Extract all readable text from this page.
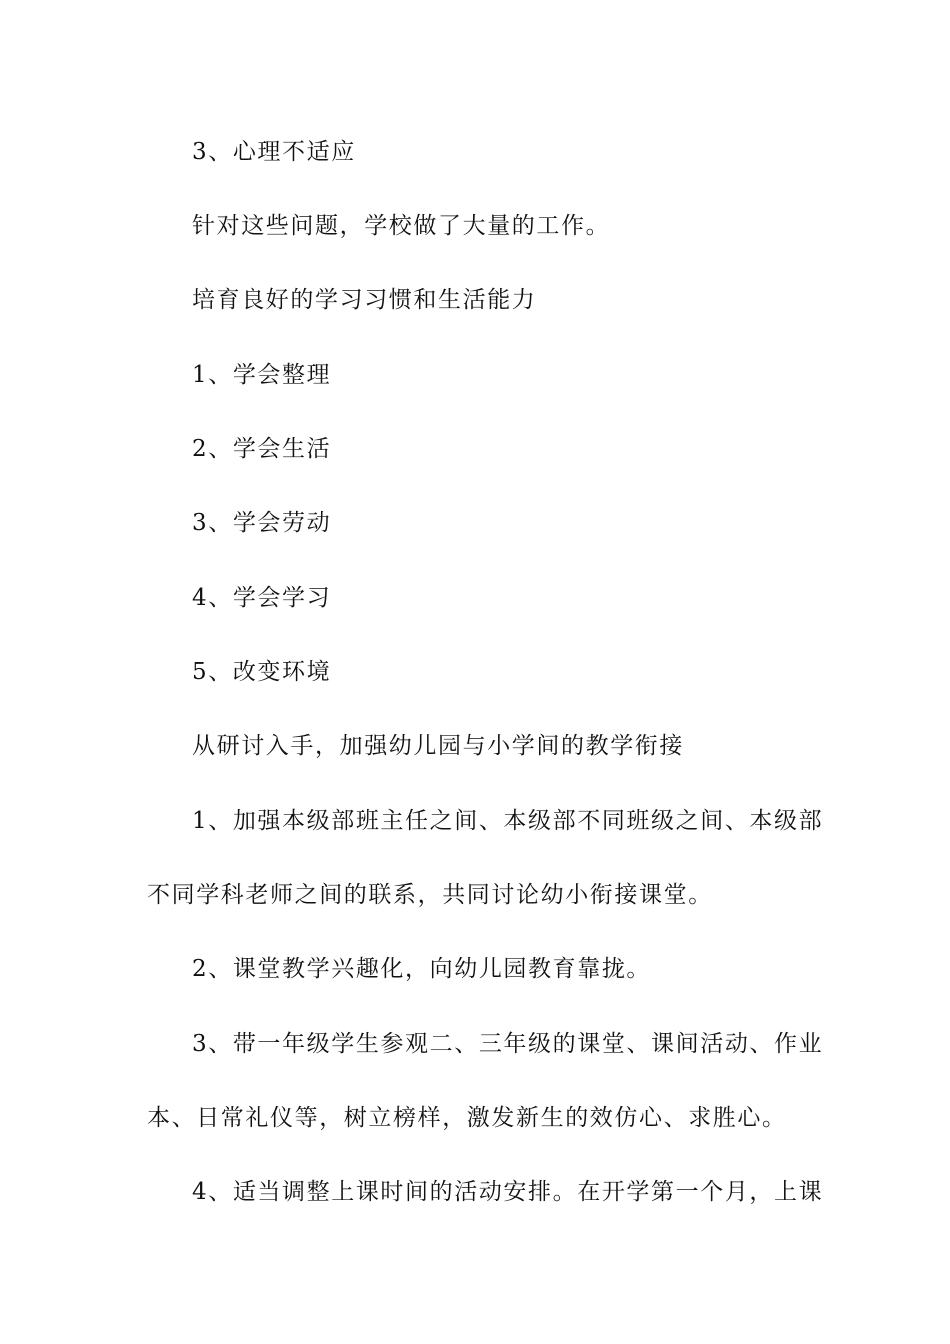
3、心理不适应
针对这些问题，学校做了大量的工作。
培育良好的学习习惯和生活能力
1、学会整理
2、学会生活
3、学会劳动
4、学会学习
5、改变环境
从研讨入手，加强幼儿园与小学间的教学衔接
1、加强本级部班主任之间、本级部不同班级之间、本级部
不同学科老师之间的联系，共同讨论幼小衔接课堂。
2、课堂教学兴趣化，向幼儿园教育靠拢。
3、带一年级学生参观二、三年级的课堂、课间活动、作业
本、日常礼仪等，树立榜样，激发新生的效仿心、求胜心。
4、适当调整上课时间的活动安排。在开学第一个月，上课
